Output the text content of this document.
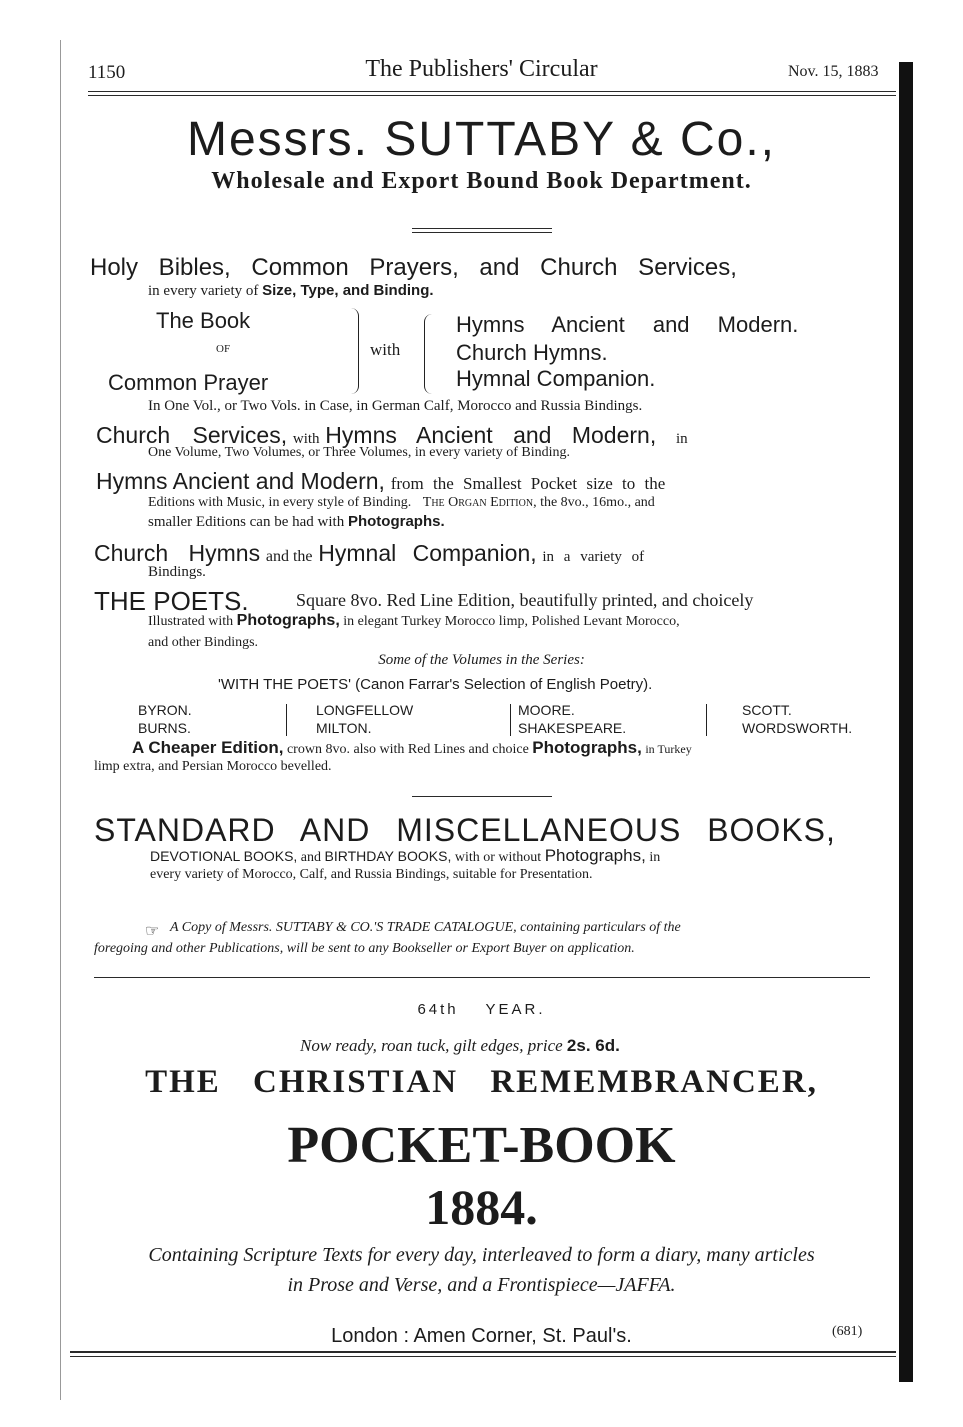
1150	The Publishers' Circular	Nov. 15, 1883
Messrs. SUTTABY & Co.,
Wholesale and Export Bound Book Department.
Holy Bibles, Common Prayers, and Church Services,
in every variety of Size, Type, and Binding.
The Book
OF
Common Prayer
with
Hymns Ancient and Modern.
Church Hymns.
Hymnal Companion.
In One Vol., or Two Vols. in Case, in German Calf, Morocco and Russia Bindings.
Church Services, with Hymns Ancient and Modern, in
One Volume, Two Volumes, or Three Volumes, in every variety of Binding.
Hymns Ancient and Modern, from the Smallest Pocket size to the
Editions with Music, in every style of Binding. The Organ Edition, the 8vo., 16mo., and
smaller Editions can be had with Photographs.
Church Hymns and the Hymnal Companion, in a variety of
Bindings.
THE POETS.	Square 8vo. Red Line Edition, beautifully printed, and choicely
Illustrated with Photographs, in elegant Turkey Morocco limp, Polished Levant Morocco,
and other Bindings.
Some of the Volumes in the Series:
'WITH THE POETS' (Canon Farrar's Selection of English Poetry).
BYRON.	LONGFELLOW	MOORE.	SCOTT.
BURNS.	MILTON.	SHAKESPEARE.	WORDSWORTH.
A Cheaper Edition, crown 8vo. also with Red Lines and choice Photographs, in Turkey
limp extra, and Persian Morocco bevelled.
STANDARD AND MISCELLANEOUS BOOKS,
DEVOTIONAL BOOKS, and BIRTHDAY BOOKS, with or without Photographs, in
every variety of Morocco, Calf, and Russia Bindings, suitable for Presentation.
☞ A Copy of Messrs. SUTTABY & CO.'S TRADE CATALOGUE, containing particulars of the
foregoing and other Publications, will be sent to any Bookseller or Export Buyer on application.
64th YEAR.
Now ready, roan tuck, gilt edges, price 2s. 6d.
THE CHRISTIAN REMEMBRANCER,
POCKET-BOOK
1884.
Containing Scripture Texts for every day, interleaved to form a diary, many articles
in Prose and Verse, and a Frontispiece—JAFFA.
London : Amen Corner, St. Paul's.	(681)
